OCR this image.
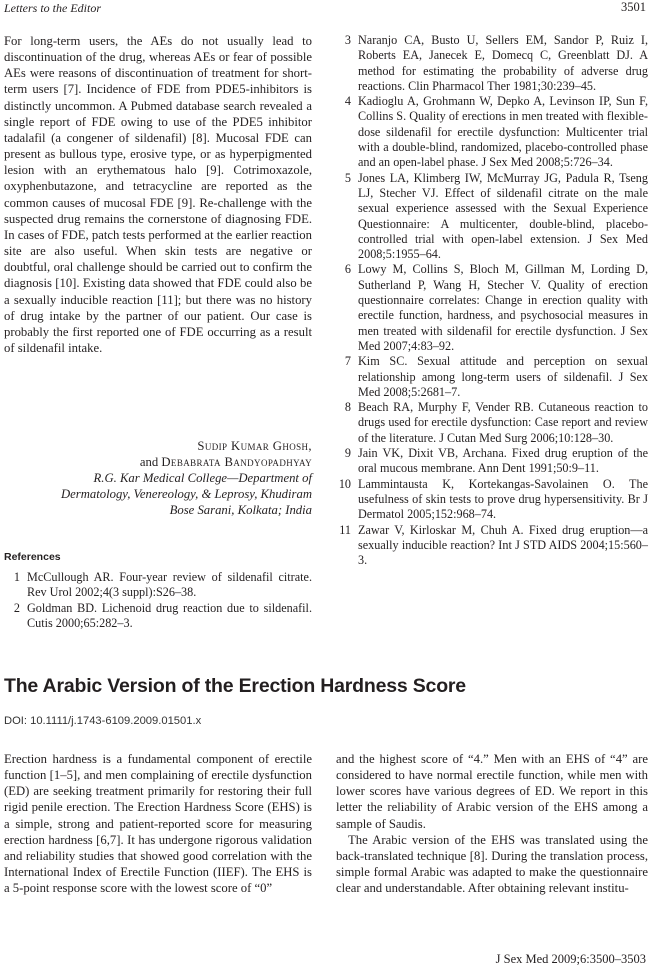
Letters to the Editor	3501

For long-term users, the AEs do not usually lead to discontinuation of the drug, whereas AEs or fear of possible AEs were reasons of discontinuation of treatment for short-term users [7]. Incidence of FDE from PDE5-inhibitors is distinctly uncommon. A Pubmed database search revealed a single report of FDE owing to use of the PDE5 inhibitor tadalafil (a congener of sildenafil) [8]. Mucosal FDE can present as bullous type, erosive type, or as hyperpigmented lesion with an erythematous halo [9]. Cotrimoxazole, oxyphenbutazone, and tetracycline are reported as the common causes of mucosal FDE [9]. Re-challenge with the suspected drug remains the cornerstone of diagnosing FDE. In cases of FDE, patch tests performed at the earlier reaction site are also useful. When skin tests are negative or doubtful, oral challenge should be carried out to confirm the diagnosis [10]. Existing data showed that FDE could also be a sexually inducible reaction [11]; but there was no history of drug intake by the partner of our patient. Our case is probably the first reported one of FDE occurring as a result of sildenafil intake.

Sudip Kumar Ghosh,
and Debabrata Bandyopadhyay
R.G. Kar Medical College—Department of
Dermatology, Venereology, & Leprosy, Khudiram
Bose Sarani, Kolkata; India
References
1 McCullough AR. Four-year review of sildenafil citrate. Rev Urol 2002;4(3 suppl):S26–38.
2 Goldman BD. Lichenoid drug reaction due to sildenafil. Cutis 2000;65:282–3.
3 Naranjo CA, Busto U, Sellers EM, Sandor P, Ruiz I, Roberts EA, Janecek E, Domecq C, Greenblatt DJ. A method for estimating the probability of adverse drug reactions. Clin Pharmacol Ther 1981;30:239–45.
4 Kadioglu A, Grohmann W, Depko A, Levinson IP, Sun F, Collins S. Quality of erections in men treated with flexible-dose sildenafil for erectile dysfunction: Multicenter trial with a double-blind, randomized, placebo-controlled phase and an open-label phase. J Sex Med 2008;5:726–34.
5 Jones LA, Klimberg IW, McMurray JG, Padula R, Tseng LJ, Stecher VJ. Effect of sildenafil citrate on the male sexual experience assessed with the Sexual Experience Questionnaire: A multicenter, double-blind, placebo-controlled trial with open-label extension. J Sex Med 2008;5:1955–64.
6 Lowy M, Collins S, Bloch M, Gillman M, Lording D, Sutherland P, Wang H, Stecher V. Quality of erection questionnaire correlates: Change in erection quality with erectile function, hardness, and psychosocial measures in men treated with sildenafil for erectile dysfunction. J Sex Med 2007;4:83–92.
7 Kim SC. Sexual attitude and perception on sexual relationship among long-term users of sildenafil. J Sex Med 2008;5:2681–7.
8 Beach RA, Murphy F, Vender RB. Cutaneous reaction to drugs used for erectile dysfunction: Case report and review of the literature. J Cutan Med Surg 2006;10:128–30.
9 Jain VK, Dixit VB, Archana. Fixed drug eruption of the oral mucous membrane. Ann Dent 1991;50:9–11.
10 Lammintausta K, Kortekangas-Savolainen O. The usefulness of skin tests to prove drug hypersensitivity. Br J Dermatol 2005;152:968–74.
11 Zawar V, Kirloskar M, Chuh A. Fixed drug eruption—a sexually inducible reaction? Int J STD AIDS 2004;15:560–3.
The Arabic Version of the Erection Hardness Score
DOI: 10.1111/j.1743-6109.2009.01501.x

Erection hardness is a fundamental component of erectile function [1–5], and men complaining of erectile dysfunction (ED) are seeking treatment primarily for restoring their full rigid penile erection. The Erection Hardness Score (EHS) is a simple, strong and patient-reported score for measuring erection hardness [6,7]. It has undergone rigorous validation and reliability studies that showed good correlation with the International Index of Erectile Function (IIEF). The EHS is a 5-point response score with the lowest score of “0”

and the highest score of “4.” Men with an EHS of “4” are considered to have normal erectile function, while men with lower scores have various degrees of ED. We report in this letter the reliability of Arabic version of the EHS among a sample of Saudis.

The Arabic version of the EHS was translated using the back-translated technique [8]. During the translation process, simple formal Arabic was adapted to make the questionnaire clear and understandable. After obtaining relevant institu-

J Sex Med 2009;6:3500–3503
